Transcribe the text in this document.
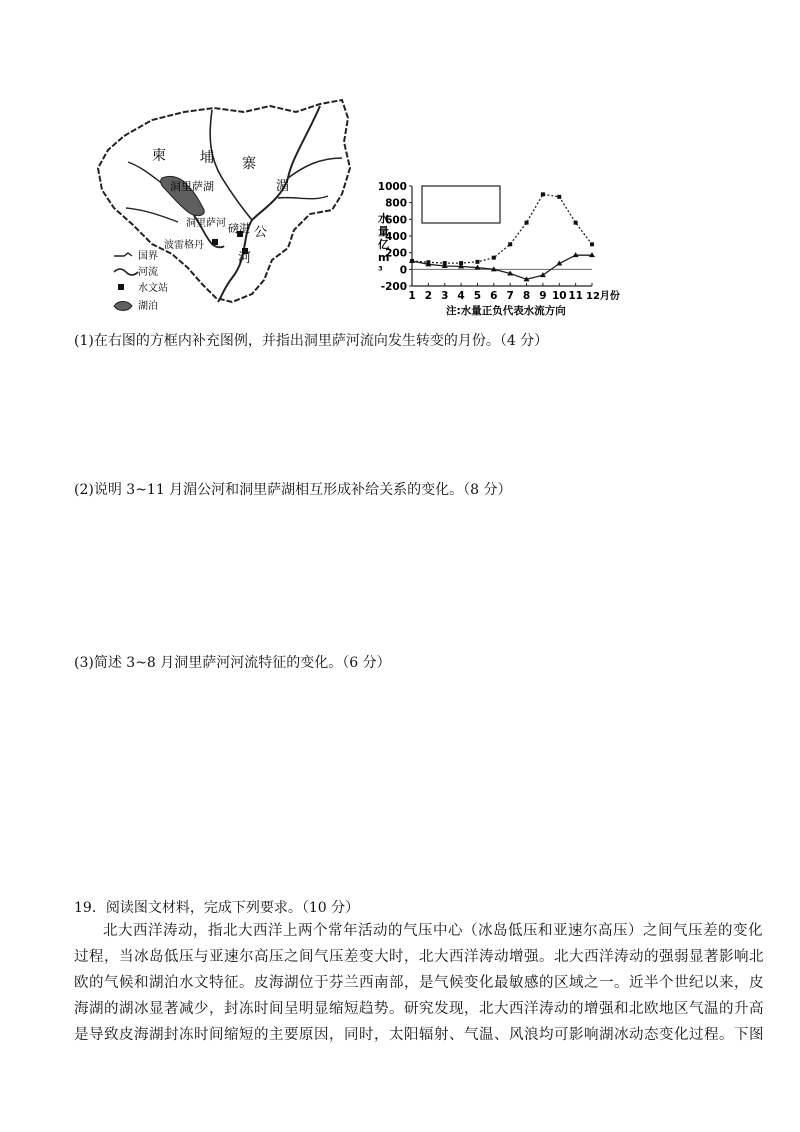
柬 埔 寨
湄
公
河
洞里萨湖
洞里萨河 磅湛
波雷格丹
国界
河流
水文站
湖泊
-200
0
200
400
600
800
1000
1 2 3 4 5 6 7 8 9 10 11
水量亿 m ³
12月份
注:水量正负代表水流方向
(1)在右图的方框内补充图例，并指出洞里萨河流向发生转变的月份。（4 分）
(2)说明 3~11 月湄公河和洞里萨湖相互形成补给关系的变化。（8 分）
(3)简述 3~8 月洞里萨河河流特征的变化。（6 分）
19．阅读图文材料，完成下列要求。（10 分）
北大西洋涛动，指北大西洋上两个常年活动的气压中心（冰岛低压和亚速尔高压）之间气压差的变化
过程，当冰岛低压与亚速尔高压之间气压差变大时，北大西洋涛动增强。北大西洋涛动的强弱显著影响北
欧的气候和湖泊水文特征。皮海湖位于芬兰西南部，是气候变化最敏感的区域之一。近半个世纪以来，皮
海湖的湖冰显著减少，封冻时间呈明显缩短趋势。研究发现，北大西洋涛动的增强和北欧地区气温的升高
是导致皮海湖封冻时间缩短的主要原因，同时，太阳辐射、气温、风浪均可影响湖冰动态变化过程。下图
